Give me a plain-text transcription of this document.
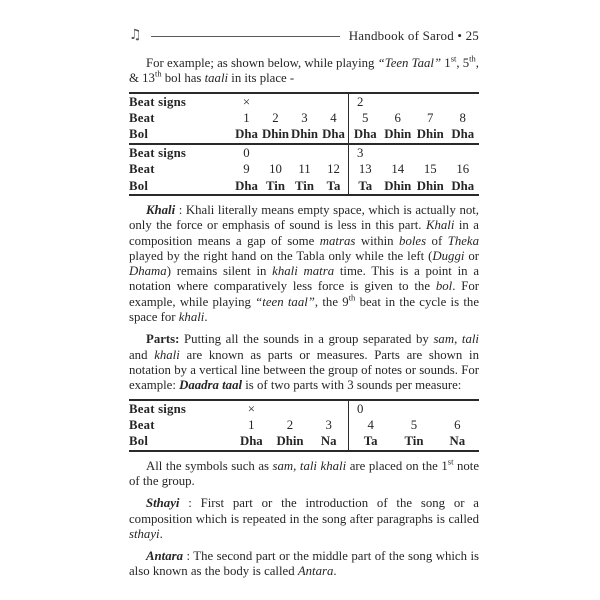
♫	Handbook of Sarod • 25

For example; as shown below, while playing “Teen Taal” 1st, 5th, & 13th bol has taali in its place -

Beat signs	×	2
Beat	1	2	3	4	5	6	7	8
Bol	Dha Dhin Dhin Dha Dha Dhin Dhin Dha
Beat signs	0	3
Beat	9	10	11	12	13	14	15	16
Bol	Dha Tin Tin Ta	Ta Dhin Dhin Dha

Khali : Khali literally means empty space, which is actually not, only the force or emphasis of sound is less in this part. Khali in a composition means a gap of some matras within boles of Theka played by the right hand on the Tabla only while the left (Duggi or Dhama) remains silent in khali matra time. This is a point in a notation where comparatively less force is given to the bol. For example, while playing “teen taal”, the 9th beat in the cycle is the space for khali.

Parts: Putting all the sounds in a group separated by sam, tali and khali are known as parts or measures. Parts are shown in notation by a vertical line between the group of notes or sounds. For example: Daadra taal is of two parts with 3 sounds per measure:

Beat signs	×	0
Beat	1	2	3	4	5	6
Bol	Dha	Dhin	Na	Ta	Tin	Na

All the symbols such as sam, tali khali are placed on the 1st note of the group.

Sthayi : First part or the introduction of the song or a composition which is repeated in the song after paragraphs is called sthayi.

Antara : The second part or the middle part of the song which is also known as the body is called Antara.
